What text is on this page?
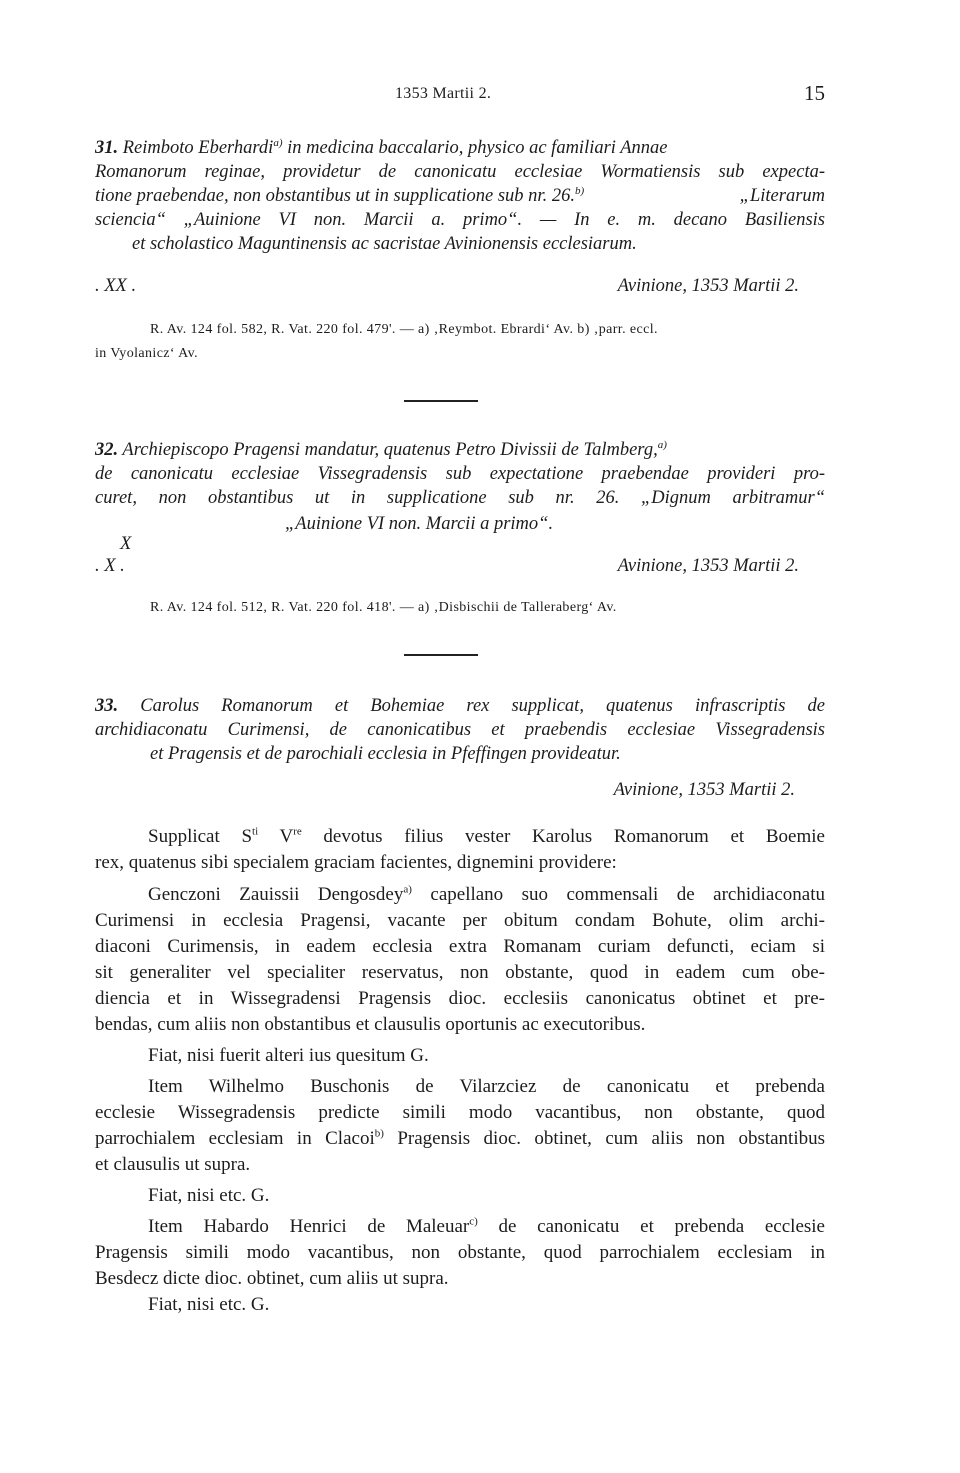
1353 Martii 2.	15
31. Reimboto Eberhardi$^{a)}$ in medicina baccalario, physico ac familiari Annae
Romanorum reginae, providetur de canonicatu ecclesiae Wormatiensis sub expecta-
tione praebendae, non obstantibus ut in supplicatione sub nr. 26.$^{b)}$	„Literarum
sciencia“ „Auinione VI non. Marcii a. primo“. — In e. m. decano Basiliensis
et scholastico Maguntinensis ac sacristae Avinionensis ecclesiarum.
. XX .	Avinione, 1353 Martii 2.
R. Av. 124 fol. 582, R. Vat. 220 fol. 479'. — a) ‚Reymbot. Ebrardi‘ Av. b) ‚parr. eccl.
in Vyolanicz‘ Av.
32. Archiepiscopo Pragensi mandatur, quatenus Petro Divissii de Talmberg,$^{a)}$
de canonicatu ecclesiae Vissegradensis sub expectatione praebendae provideri pro-
curet, non obstantibus ut in supplicatione sub nr. 26. „Dignum arbitramur“
„Auinione VI non. Marcii a primo“.
X
. X .	Avinione, 1353 Martii 2.
R. Av. 124 fol. 512, R. Vat. 220 fol. 418'. — a) ‚Disbischii de Talleraberg‘ Av.
33. Carolus Romanorum et Bohemiae rex supplicat, quatenus infrascriptis de
archidiaconatu Curimensi, de canonicatibus et praebendis ecclesiae Vissegradensis
et Pragensis et de parochiali ecclesia in Pfeffingen provideatur.
Avinione, 1353 Martii 2.
Supplicat $S^{ti}$ Vre devotus filius vester Karolus Romanorum et Boemie
rex, quatenus sibi specialem graciam facientes, dignemini providere:
Genczoni Zauissii Dengosdey$^{a)}$ capellano suo commensali de archidiaconatu
Curimensi in ecclesia Pragensi, vacante per obitum condam Bohute, olim archi-
diaconi Curimensis, in eadem ecclesia extra Romanam curiam defuncti, eciam si
sit generaliter vel specialiter reservatus, non obstante, quod in eadem cum obe-
diencia et in Wissegradensi Pragensis dioc. ecclesiis canonicatus obtinet et pre-
bendas, cum aliis non obstantibus et clausulis oportunis ac executoribus.
Fiat, nisi fuerit alteri ius quesitum G.
Item Wilhelmo Buschonis de Vilarzciez de canonicatu et prebenda
ecclesie Wissegradensis predicte simili modo vacantibus, non obstante, quod
parrochialem ecclesiam in Clacoi$^{b)}$ Pragensis dioc. obtinet, cum aliis non obstantibus
et clausulis ut supra.
Fiat, nisi etc. G.
Item Habardo Henrici de Maleuar$^{c)}$ de canonicatu et prebenda ecclesie
Pragensis simili modo vacantibus, non obstante, quod parrochialem ecclesiam in
Besdecz dicte dioc. obtinet, cum aliis ut supra.
Fiat, nisi etc. G.
